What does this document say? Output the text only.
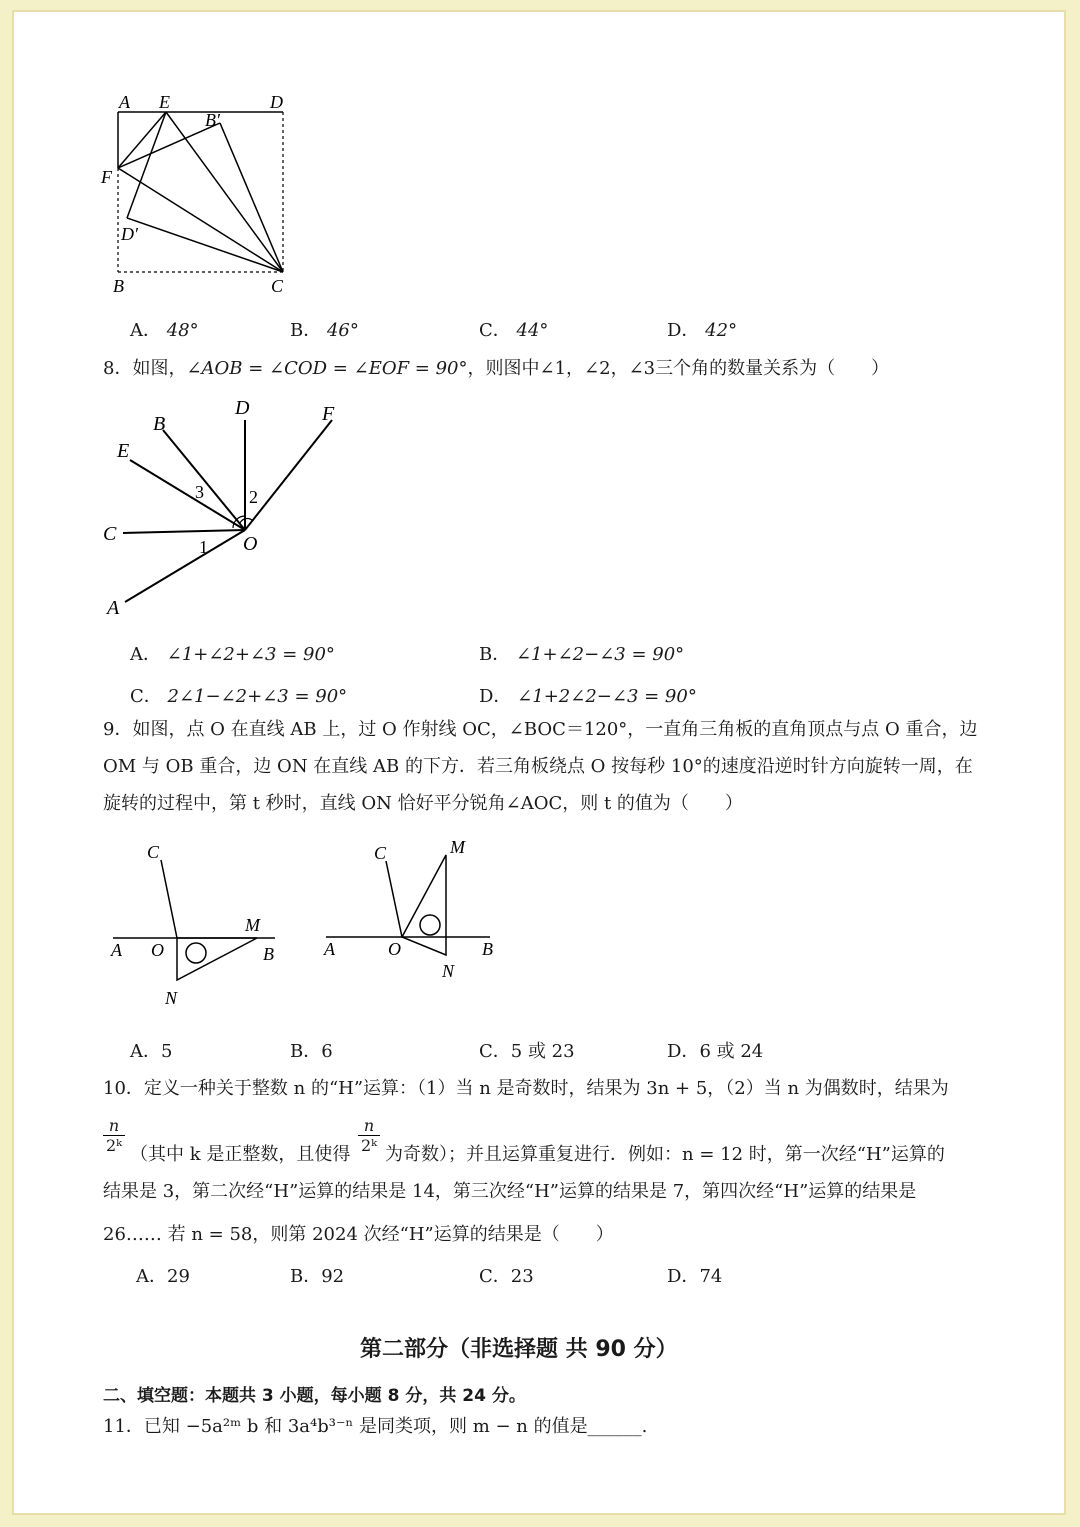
A E	D
B′
F
D′
B	C
A． 48°	B． 46°	C． 44°	D． 42°
8．如图，∠AOB = ∠COD = ∠EOF = 90°，则图中∠1，∠2，∠3三个角的数量关系为（　　）
D
B	F
E
3	2
C
1 O
A
A． ∠1+∠2+∠3 = 90°	B． ∠1+∠2−∠3 = 90°
C． 2∠1−∠2+∠3 = 90°	D． ∠1+2∠2−∠3 = 90°
9．如图，点 O 在直线 AB 上，过 O 作射线 OC，∠BOC＝120°，一直角三角板的直角顶点与点 O 重合，边
OM 与 OB 重合，边 ON 在直线 AB 的下方．若三角板绕点 O 按每秒 10°的速度沿逆时针方向旋转一周，在
旋转的过程中，第 t 秒时，直线 ON 恰好平分锐角∠AOC，则 t 的值为（　　）
C
M
A O	B
N
C	M
A	O	B
N
A．5	B．6	C．5 或 23	D．6 或 24
10．定义一种关于整数 n 的“H”运算：（1）当 n 是奇数时，结果为 3n + 5，（2）当 n 为偶数时，结果为
$\frac{n}{\text{2ᵏ}}$ （其中 k 是正整数，且使得 $\frac{n}{\text{2ᵏ}}$ 为奇数）；并且运算重复进行．例如：n = 12 时，第一次经“H”运算的
结果是 3，第二次经“H”运算的结果是 14，第三次经“H”运算的结果是 7，第四次经“H”运算的结果是
26…… 若 n = 58，则第 2024 次经“H”运算的结果是（　　）
A．29	B．92	C．23	D．74
第二部分（非选择题 共 90 分）
二、填空题：本题共 3 小题，每小题 8 分，共 24 分。
11．已知 −5a²ᵐ b 和 3a⁴b³⁻ⁿ 是同类项，则 m − n 的值是______.
